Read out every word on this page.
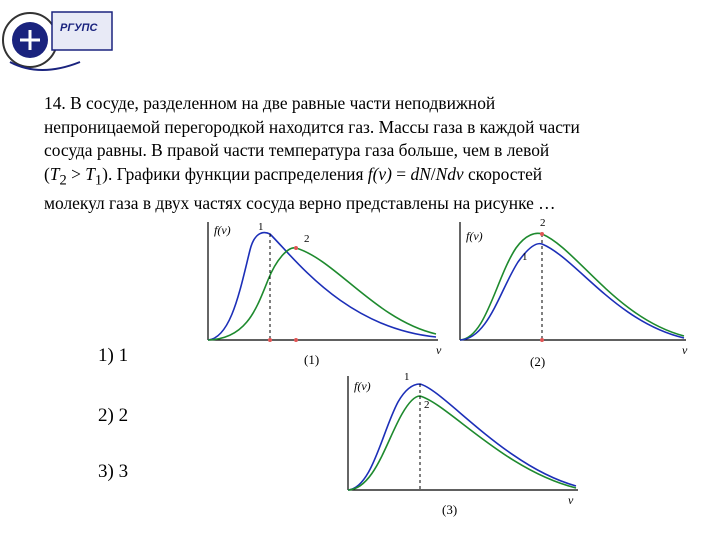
РГУПС

14. В сосуде, разделенном на две равные части неподвижной
непроницаемой перегородкой находится газ. Массы газа в каждой части
сосуда равны. В правой части температура газа больше, чем в левой
$(T_2 > T_1)$. Графики функции распределения f(v) = dN/Ndv скоростей
молекул газа в двух частях сосуда верно представлены на рисунке …

1) 1
2) 2
3) 3
f(v)
v
1
2
(1)
f(v)
v
2
1
(2)
f(v)
v
1
2
(3)
